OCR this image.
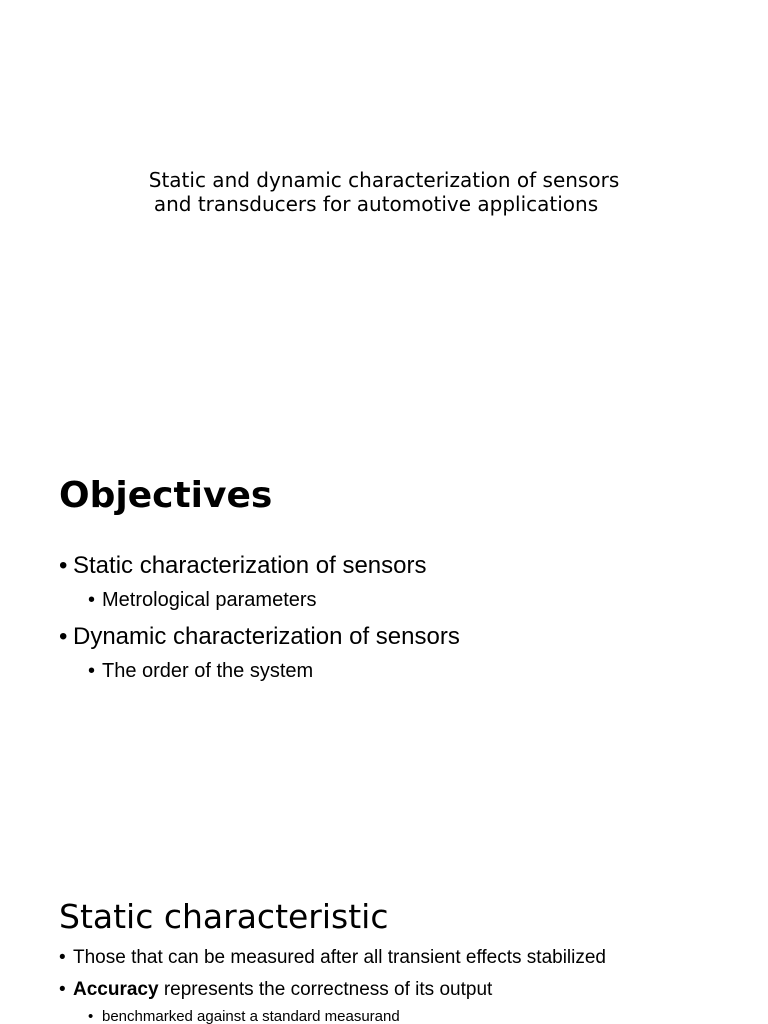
Static and dynamic characterization of sensors
and transducers for automotive applications
Objectives
• Static characterization of sensors
• Metrological parameters
• Dynamic characterization of sensors
• The order of the system
Static characteristic
• Those that can be measured after all transient effects stabilized
• Accuracy represents the correctness of its output
• benchmarked against a standard measurand
